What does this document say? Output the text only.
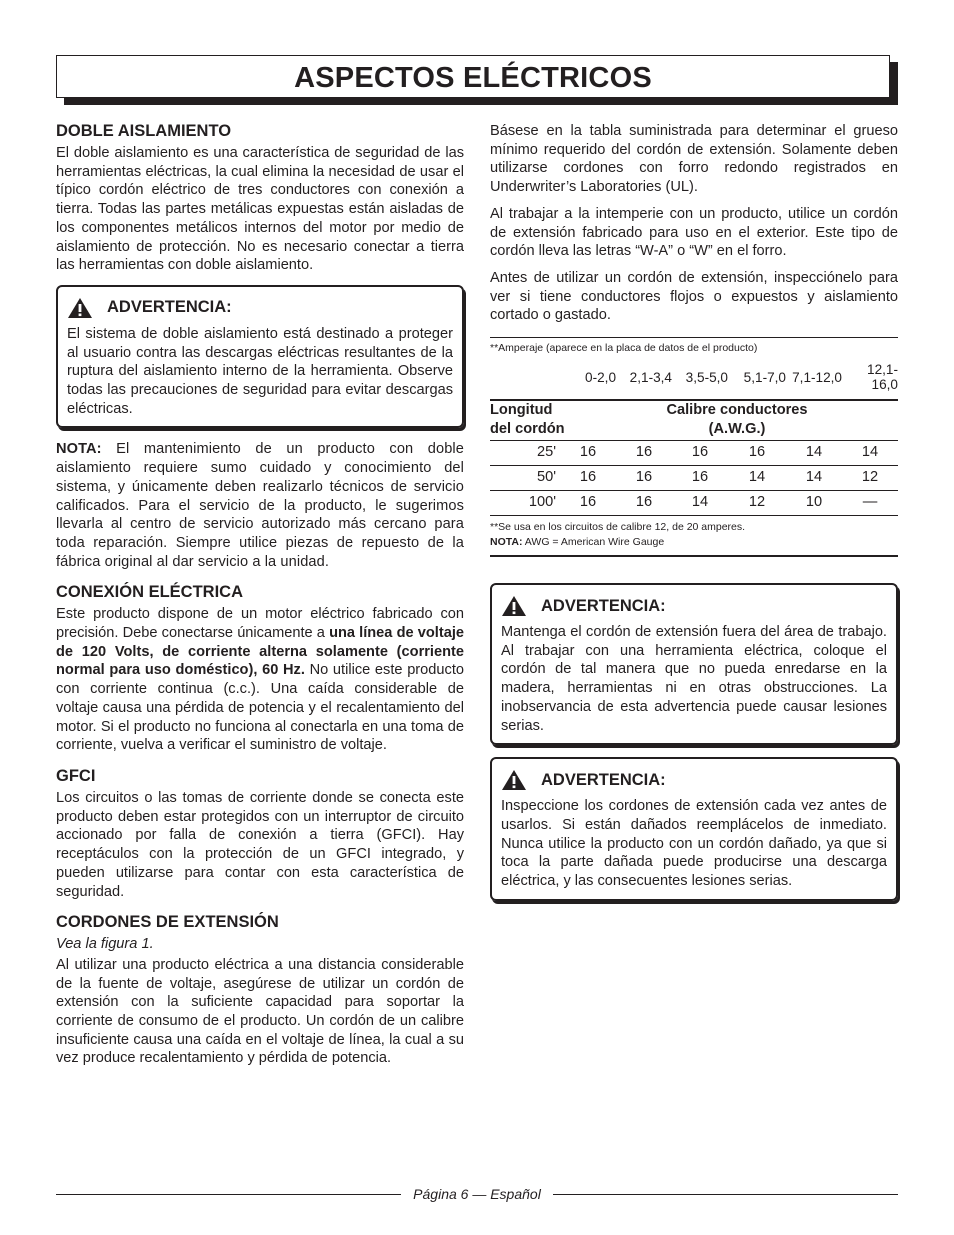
ASPECTOS ELÉCTRICOS
DOBLE AISLAMIENTO

El doble aislamiento es una característica de seguridad de las herramientas eléctricas, la cual elimina la necesidad de usar el típico cordón eléctrico de tres conductores con conexión a tierra. Todas las partes metálicas expuestas están aisladas de los componentes metálicos internos del motor por medio de aislamiento de protección. No es necesario conectar a tierra las herramientas con doble aislamiento.

ADVERTENCIA:

El sistema de doble aislamiento está destinado a proteger al usuario contra las descargas eléctricas resultantes de la ruptura del aislamiento interno de la herramienta. Observe todas las precauciones de seguridad para evitar descargas eléctricas.

NOTA: El mantenimiento de un producto con doble aislamiento requiere sumo cuidado y conocimiento del sistema, y únicamente deben realizarlo técnicos de servicio calificados. Para el servicio de la producto, le sugerimos llevarla al centro de servicio autorizado más cercano para toda reparación. Siempre utilice piezas de repuesto de la fábrica original al dar servicio a la unidad.

CONEXIÓN ELÉCTRICA

Este producto dispone de un motor eléctrico fabricado con precisión. Debe conectarse únicamente a una línea de voltaje de 120 Volts, de corriente alterna solamente (corriente normal para uso doméstico), 60 Hz. No utilice este producto con corriente continua (c.c.). Una caída considerable de voltaje causa una pérdida de potencia y el recalentamiento del motor. Si el producto no funciona al conectarla en una toma de corriente, vuelva a verificar el suministro de voltaje.

GFCI

Los circuitos o las tomas de corriente donde se conecta este producto deben estar protegidos con un interruptor de circuito accionado por falla de conexión a tierra (GFCI). Hay receptáculos con la protección de un GFCI integrado, y pueden utilizarse para contar con esta característica de seguridad.

CORDONES DE EXTENSIÓN

Vea la figura 1.

Al utilizar una producto eléctrica a una distancia considerable de la fuente de voltaje, asegúrese de utilizar un cordón de extensión con la suficiente capacidad para soportar la corriente de consumo de el producto. Un cordón de un calibre insuficiente causa una caída en el voltaje de línea, la cual a su vez produce recalentamiento y pérdida de potencia.

Básese en la tabla suministrada para determinar el grueso mínimo requerido del cordón de extensión. Solamente deben utilizarse cordones con forro redondo registrados en Underwriter’s Laboratories (UL).

Al trabajar a la intemperie con un producto, utilice un cordón de extensión fabricado para uso en el exterior. Este tipo de cordón lleva las letras “W-A” o “W” en el forro.

Antes de utilizar un cordón de extensión, inspecciónelo para ver si tiene conductores flojos o expuestos y aislamiento cortado o gastado.

**Amperaje (aparece en la placa de datos de el producto)

	0-2,0	2,1-3,4	3,5-5,0	5,1-7,0	7,1-12,0	12,1-16,0
Longitud
del cordón		Calibre conductores
(A.W.G.)				
25'	16	16	16	16	14	14
50'	16	16	16	14	14	12
100'	16	16	14	12	10	—

**Se usa en los circuitos de calibre 12, de 20 amperes.

NOTA: AWG = American Wire Gauge

ADVERTENCIA:

Mantenga el cordón de extensión fuera del área de trabajo. Al trabajar con una herramienta eléctrica, coloque el cordón de tal manera que no pueda enredarse en la madera, herramientas ni en otras obstrucciones. La inobservancia de esta advertencia puede causar lesiones serias.

ADVERTENCIA:

Inspeccione los cordones de extensión cada vez antes de usarlos. Si están dañados reemplácelos de inmediato. Nunca utilice la producto con un cordón dañado, ya que si toca la parte dañada puede producirse una descarga eléctrica, y las consecuentes lesiones serias.

Página 6 — Español
